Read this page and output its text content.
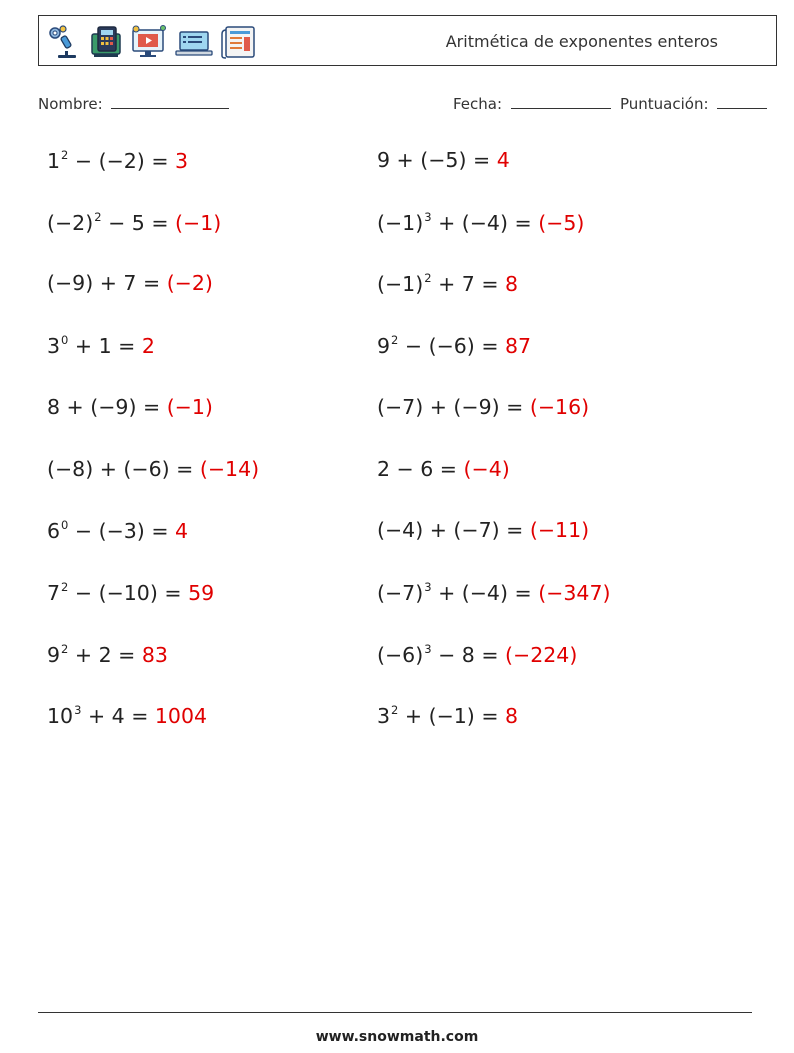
Aritmética de exponentes enteros
Nombre:	Fecha:	Puntuación:
$1^2 - (-2) = 3$	9 + (−5) = 4
$(-2)^2 - 5 = (-1)$	$(-1)^3 + (-4) = (-5)$
(−9) + 7 = (−2)	$(-1)^2 + 7 = 8$
$3^0 + 1 = 2$	$9^2 - (-6) = 87$
8 + (−9) = (−1)	(−7) + (−9) = (−16)
(−8) + (−6) = (−14)	2 − 6 = (−4)
$6^0 - (-3) = 4$	(−4) + (−7) = (−11)
$7^2 - (-10) = 59$	$(-7)^3 + (-4) = (-347)$
$9^2 + 2 = 83$	$(-6)^3 - 8 = (-224)$
$10^3 + 4 = 1004$	$3^2 + (-1) = 8$
www.snowmath.com
